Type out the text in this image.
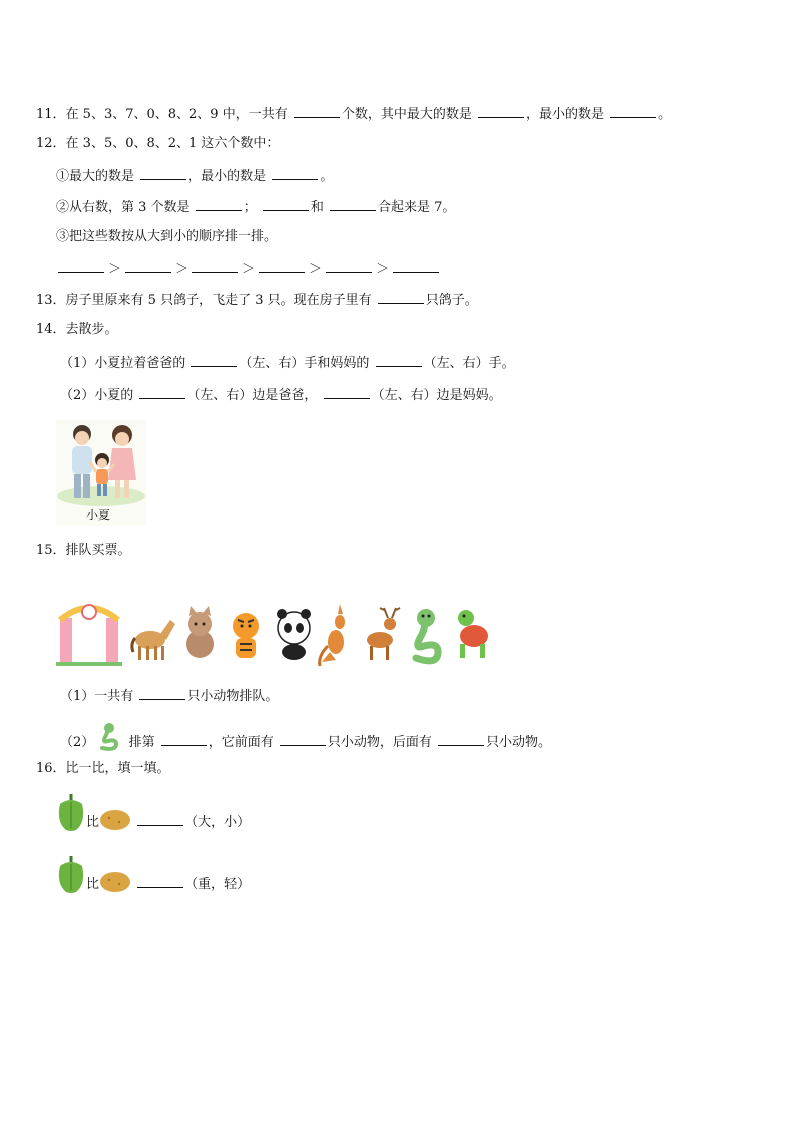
11．在 5、3、7、0、8、2、9 中，一共有	个数，其中最大的数是	，最小的数是	。
12．在 3、5、0、8、2、1 这六个数中：
①最大的数是	，最小的数是	。
②从右数，第 3 个数是	；	和	合起来是 7。
③把这些数按从大到小的顺序排一排。
＞	＞	＞	＞	＞
13．房子里原来有 5 只鸽子，飞走了 3 只。现在房子里有	只鸽子。
14．去散步。
（1）小夏拉着爸爸的	（左、右）手和妈妈的	（左、右）手。
（2）小夏的	（左、右）边是爸爸，	（左、右）边是妈妈。
小夏
15．排队买票。
（1）一共有	只小动物排队。
（2）	排第	，它前面有	只小动物，后面有	只小动物。
16．比一比，填一填。
比	（大，小）
比	（重，轻）
